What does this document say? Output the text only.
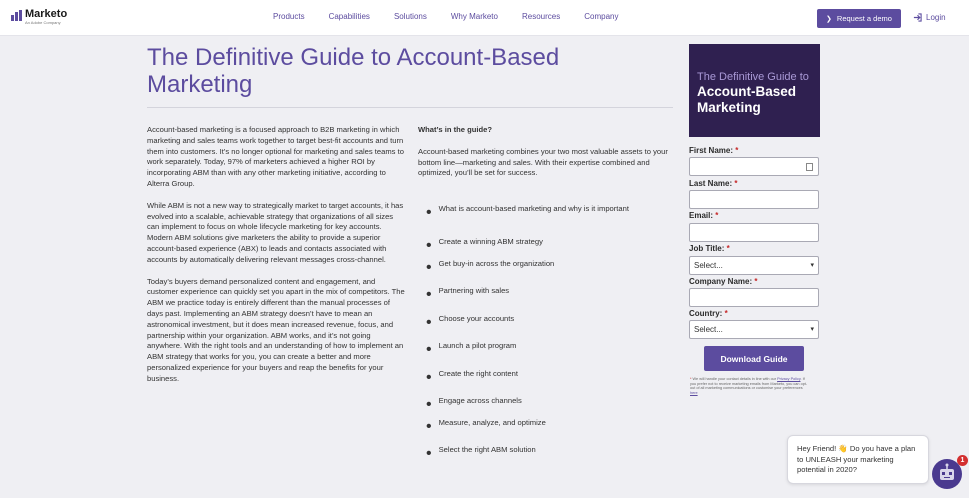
Marketo
An Adobe Company
Products	Capabilities	Solutions	Why Marketo	Resources	Company	❯ Request a demo	Login
The Definitive Guide to Account-Based Marketing

Account-based marketing is a focused approach to B2B marketing in which marketing and sales teams work together to target best-fit accounts and turn them into customers. It’s no longer optional for marketing and sales teams to work separately. Today, 97% of marketers achieved a higher ROI by incorporating ABM than with any other marketing initiative, according to Alterra Group.

While ABM is not a new way to strategically market to target accounts, it has evolved into a scalable, achievable strategy that organizations of all sizes can implement to focus on whole lifecycle marketing for key accounts. Modern ABM solutions give marketers the ability to provide a superior account-based experience (ABX) to leads and contacts associated with accounts by automatically delivering relevant messages cross-channel.

Today’s buyers demand personalized content and engagement, and customer experience can quickly set you apart in the mix of competitors. The ABM we practice today is entirely different than the manual processes of days past. Implementing an ABM strategy doesn’t have to mean an astronomical investment, but it does mean increased revenue, focus, and partnership within your organization. ABM works, and it’s not going anywhere. With the right tools and an understanding of how to implement an ABM strategy that works for you, you can create a better and more personalized experience for your buyers and reap the benefits for your business.

What’s in the guide?
Account-based marketing combines your two most valuable assets to your bottom line—marketing and sales. With their expertise combined and optimized, you’ll be set for success.
• What is account-based marketing and why is it important
• Create a winning ABM strategy
• Get buy-in across the organization
• Partnering with sales
• Choose your accounts
• Launch a pilot program
• Create the right content
• Engage across channels
• Measure, analyze, and optimize
• Select the right ABM solution
The Definitive Guide to
Account-Based Marketing
First Name: *
Last Name: *
Email: *
Job Title: *
Select...	▾
Company Name: *
Country: *
Select...	▾
Download Guide
* We will handle your contact details in line with our Privacy Policy. If you prefer not to receive marketing emails from Marketo, you can opt-out of all marketing communications or customise your preferences here
Hey Friend! 👋 Do you have a plan to UNLEASH your marketing potential in 2020?
1
